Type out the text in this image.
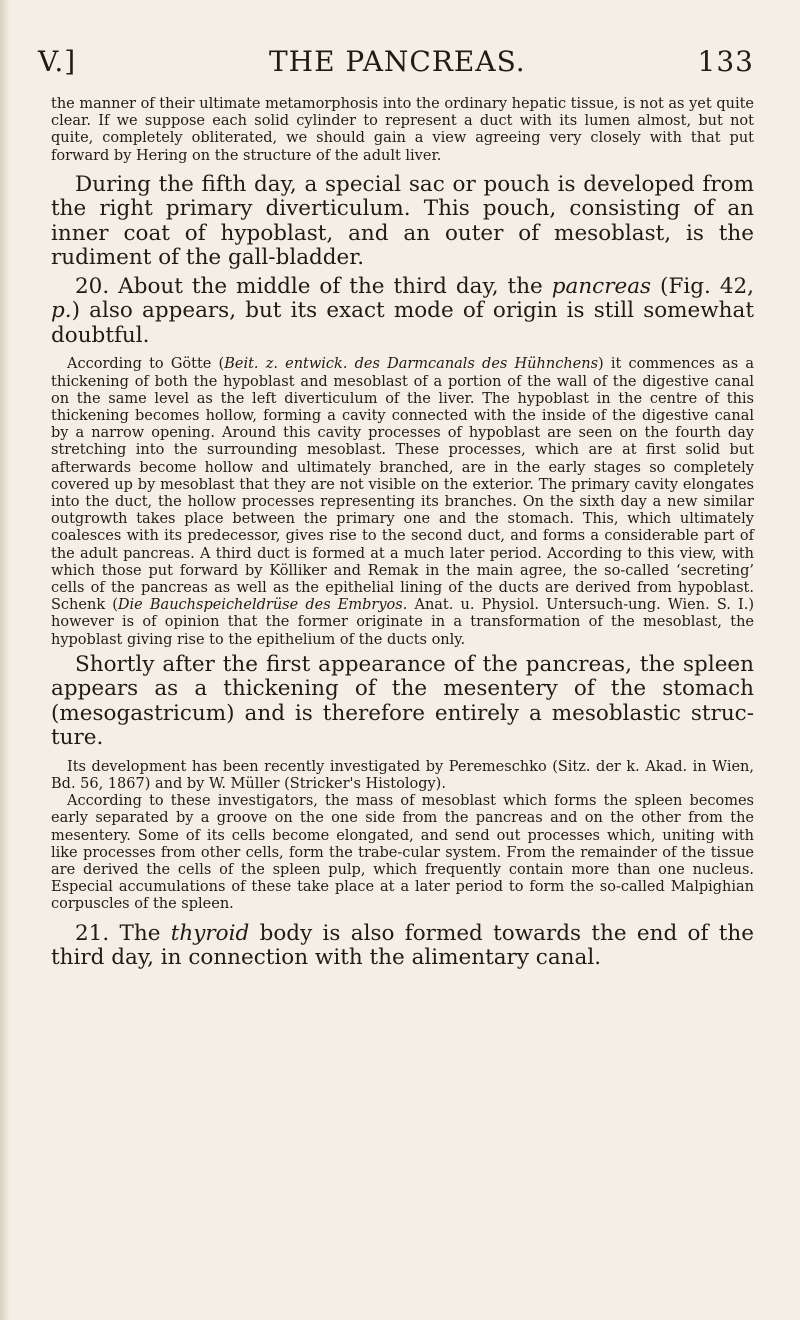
V.]	THE PANCREAS.	133

the manner of their ultimate metamorphosis into the ordinary hepatic tissue, is not as yet quite clear. If we suppose each solid cylinder to represent a duct with its lumen almost, but not quite, completely obliterated, we should gain a view agreeing very closely with that put forward by Hering on the structure of the adult liver.

During the fifth day, a special sac or pouch is developed from the right primary diverticulum. This pouch, consisting of an inner coat of hypoblast, and an outer of mesoblast, is the rudiment of the gall-bladder.

20. About the middle of the third day, the pancreas (Fig. 42, p.) also appears, but its exact mode of origin is still somewhat doubtful.

According to Götte (Beit. z. entwick. des Darmcanals des Hühnchens) it commences as a thickening of both the hypoblast and mesoblast of a portion of the wall of the digestive canal on the same level as the left diverticulum of the liver. The hypoblast in the centre of this thickening becomes hollow, forming a cavity connected with the inside of the digestive canal by a narrow opening. Around this cavity processes of hypoblast are seen on the fourth day stretching into the surrounding mesoblast. These processes, which are at first solid but afterwards become hollow and ultimately branched, are in the early stages so completely covered up by mesoblast that they are not visible on the exterior. The primary cavity elongates into the duct, the hollow processes representing its branches. On the sixth day a new similar outgrowth takes place between the primary one and the stomach. This, which ultimately coalesces with its predecessor, gives rise to the second duct, and forms a considerable part of the adult pancreas. A third duct is formed at a much later period. According to this view, with which those put forward by Kölliker and Remak in the main agree, the so-called ‘secreting’ cells of the pancreas as well as the epithelial lining of the ducts are derived from hypoblast. Schenk (Die Bauchspeicheldrüse des Embryos. Anat. u. Physiol. Untersuch-ung. Wien. S. I.) however is of opinion that the former originate in a transformation of the mesoblast, the hypoblast giving rise to the epithelium of the ducts only.

Shortly after the first appearance of the pancreas, the spleen appears as a thickening of the mesentery of the stomach (mesogastricum) and is therefore entirely a mesoblastic struc-ture.

Its development has been recently investigated by Peremeschko (Sitz. der k. Akad. in Wien, Bd. 56, 1867) and by W. Müller (Stricker's Histology).

According to these investigators, the mass of mesoblast which forms the spleen becomes early separated by a groove on the one side from the pancreas and on the other from the mesentery. Some of its cells become elongated, and send out processes which, uniting with like processes from other cells, form the trabe-cular system. From the remainder of the tissue are derived the cells of the spleen pulp, which frequently contain more than one nucleus. Especial accumulations of these take place at a later period to form the so-called Malpighian corpuscles of the spleen.

21. The thyroid body is also formed towards the end of the third day, in connection with the alimentary canal.
